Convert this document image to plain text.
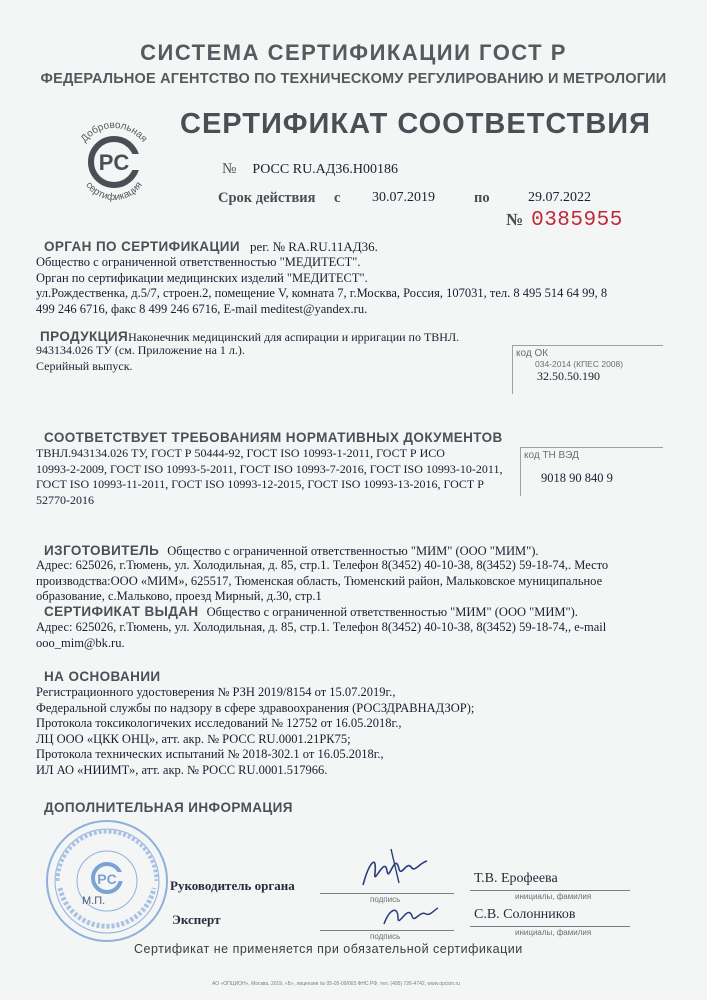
СИСТЕМА СЕРТИФИКАЦИИ ГОСТ Р
ФЕДЕРАЛЬНОЕ АГЕНТСТВО ПО ТЕХНИЧЕСКОМУ РЕГУЛИРОВАНИЮ И МЕТРОЛОГИИ
Добровольная
сертификация
PC
СЕРТИФИКАТ СООТВЕТСТВИЯ
№ РОСС RU.АД36.Н00186
Срок действия с 30.07.2019	по	29.07.2022
№ 0385955
ОРГАН ПО СЕРТИФИКАЦИИ рег. № RA.RU.11АД36.
Общество с ограниченной ответственностью "МЕДИТЕСТ".
Орган по сертификации медицинских изделий "МЕДИТЕСТ".
ул.Рождественка, д.5/7, строен.2, помещение V, комната 7, г.Москва, Россия, 107031, тел. 8 495 514 64 99, 8
499 246 6716, факс 8 499 246 6716, E-mail meditest@yandex.ru.
ПРОДУКЦИЯНаконечник медицинский для аспирации и ирригации по ТВНЛ.
943134.026 ТУ (см. Приложение на 1 л.).
Серийный выпуск.
код ОК
034-2014 (КПЕС 2008)
32.50.50.190
СООТВЕТСТВУЕТ ТРЕБОВАНИЯМ НОРМАТИВНЫХ ДОКУМЕНТОВ
ТВНЛ.943134.026 ТУ, ГОСТ Р 50444-92, ГОСТ ISO 10993-1-2011, ГОСТ Р ИСО
10993-2-2009, ГОСТ ISO 10993-5-2011, ГОСТ ISO 10993-7-2016, ГОСТ ISO 10993-10-2011,
ГОСТ ISO 10993-11-2011, ГОСТ ISO 10993-12-2015, ГОСТ ISO 10993-13-2016, ГОСТ Р
52770-2016
код ТН ВЭД
9018 90 840 9
ИЗГОТОВИТЕЛЬ Общество с ограниченной ответственностью "МИМ" (ООО "МИМ").
Адрес: 625026, г.Тюмень, ул. Холодильная, д. 85, стр.1. Телефон 8(3452) 40-10-38, 8(3452) 59-18-74,. Место
производства:ООО «МИМ», 625517, Тюменская область, Тюменский район, Мальковское муниципальное
образование, с.Мальково, проезд Мирный, д.30, стр.1
СЕРТИФИКАТ ВЫДАН Общество с ограниченной ответственностью "МИМ" (ООО "МИМ").
Адрес: 625026, г.Тюмень, ул. Холодильная, д. 85, стр.1. Телефон 8(3452) 40-10-38, 8(3452) 59-18-74,, e-mail
ooo_mim@bk.ru.
НА ОСНОВАНИИ
Регистрационного удостоверения № РЗН 2019/8154 от 15.07.2019г.,
Федеральной службы по надзору в сфере здравоохранения (РОСЗДРАВНАДЗОР);
Протокола токсикологичеких исследований № 12752 от 16.05.2018г.,
ЛЦ ООО «ЦКК ОНЦ», атт. акр. № РОСС RU.0001.21РК75;
Протокола технических испытаний № 2018-302.1 от 16.05.2018г.,
ИЛ АО «НИИМТ», атт. акр. № РОСС RU.0001.517966.
ДОПОЛНИТЕЛЬНАЯ ИНФОРМАЦИЯ
PC
М.П.
Руководитель органа
подпись
Т.В. Ерофеева
инициалы, фамилия
Эксперт
подпись
С.В. Солонников
инициалы, фамилия
Сертификат не применяется при обязательной сертификации
АО «ОПЦИОН», Москва, 2019, «Б», лицензия № 05-05-09/003 ФНС РФ, тел. (495) 726-4742, www.opcion.ru
